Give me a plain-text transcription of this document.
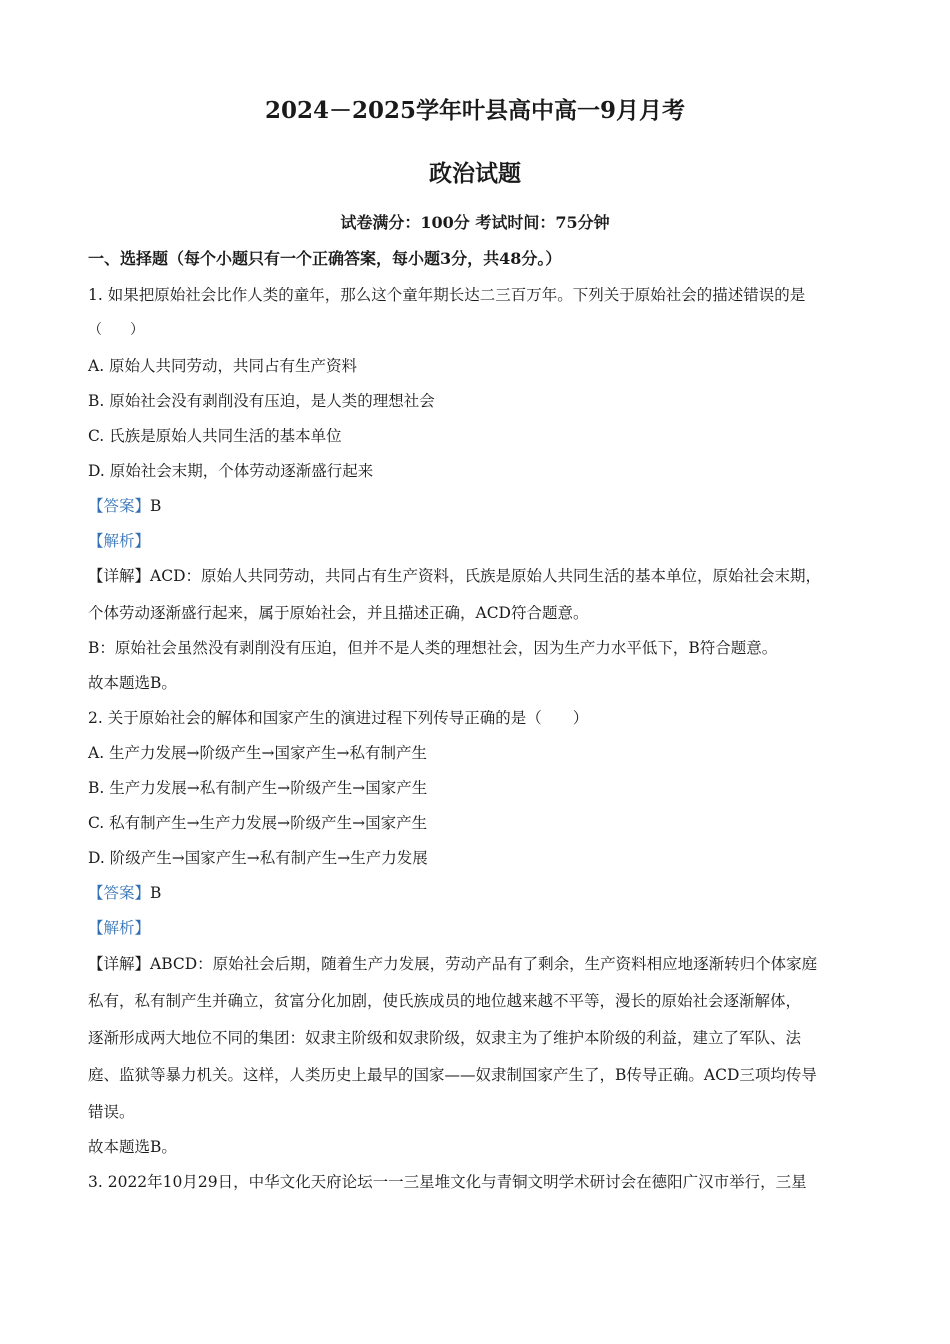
2024－2025学年叶县高中高一9月月考
政治试题
试卷满分：100分 考试时间：75分钟
一、选择题（每个小题只有一个正确答案，每小题3分，共48分。）
1. 如果把原始社会比作人类的童年，那么这个童年期长达二三百万年。下列关于原始社会的描述错误的是
（　　）
A. 原始人共同劳动，共同占有生产资料
B. 原始社会没有剥削没有压迫，是人类的理想社会
C. 氏族是原始人共同生活的基本单位
D. 原始社会末期，个体劳动逐渐盛行起来
【答案】B
【解析】
【详解】ACD：原始人共同劳动，共同占有生产资料，氏族是原始人共同生活的基本单位，原始社会末期，
个体劳动逐渐盛行起来，属于原始社会，并且描述正确，ACD符合题意。
B：原始社会虽然没有剥削没有压迫，但并不是人类的理想社会，因为生产力水平低下，B符合题意。
故本题选B。
2. 关于原始社会的解体和国家产生的演进过程下列传导正确的是（　　）
A. 生产力发展→阶级产生→国家产生→私有制产生
B. 生产力发展→私有制产生→阶级产生→国家产生
C. 私有制产生→生产力发展→阶级产生→国家产生
D. 阶级产生→国家产生→私有制产生→生产力发展
【答案】B
【解析】
【详解】ABCD：原始社会后期，随着生产力发展，劳动产品有了剩余，生产资料相应地逐渐转归个体家庭
私有，私有制产生并确立，贫富分化加剧，使氏族成员的地位越来越不平等，漫长的原始社会逐渐解体，
逐渐形成两大地位不同的集团：奴隶主阶级和奴隶阶级，奴隶主为了维护本阶级的利益，建立了军队、法
庭、监狱等暴力机关。这样，人类历史上最早的国家——奴隶制国家产生了，B传导正确。ACD三项均传导
错误。
故本题选B。
3. 2022年10月29日，中华文化天府论坛一一三星堆文化与青铜文明学术研讨会在德阳广汉市举行，三星
